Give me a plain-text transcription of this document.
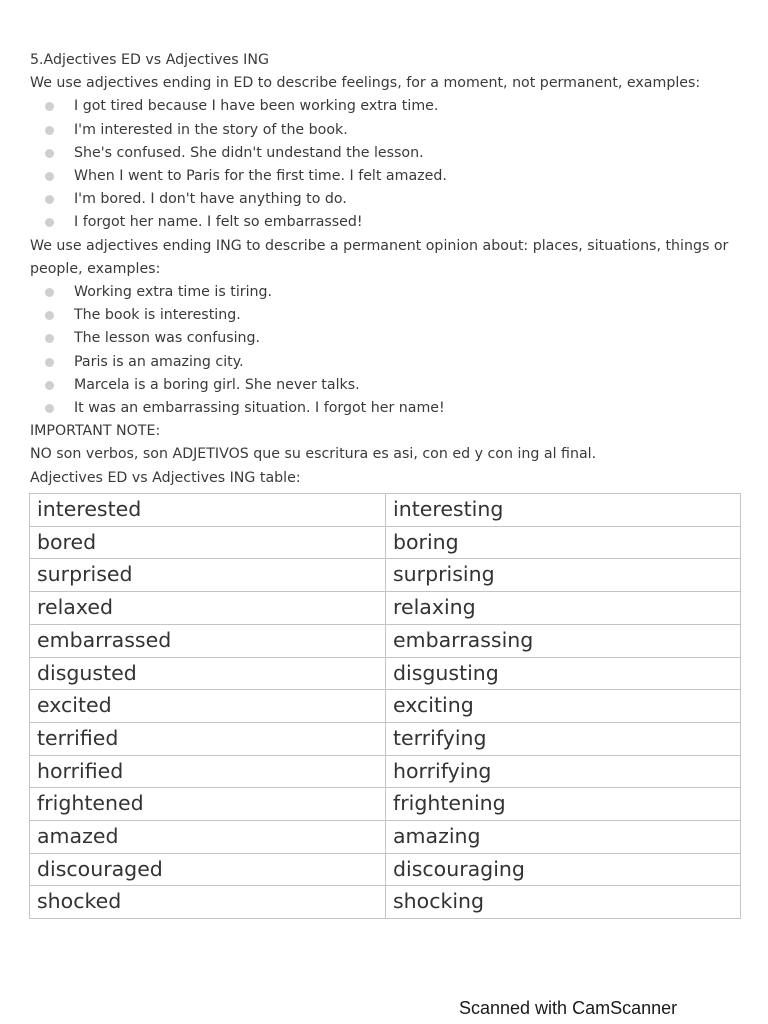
5.Adjectives ED vs Adjectives ING
We use adjectives ending in ED to describe feelings, for a moment, not permanent, examples:
I got tired because I have been working extra time.
I'm interested in the story of the book.
She's confused. She didn't undestand the lesson.
When I went to Paris for the first time. I felt amazed.
I'm bored. I don't have anything to do.
I forgot her name. I felt so embarrassed!
We use adjectives ending ING to describe a permanent opinion about: places, situations, things or people, examples:
Working extra time is tiring.
The book is interesting.
The lesson was confusing.
Paris is an amazing city.
Marcela is a boring girl. She never talks.
It was an embarrassing situation. I forgot her name!
IMPORTANT NOTE:
NO son verbos, son ADJETIVOS que su escritura es asi, con ed y con ing al final.
Adjectives ED vs Adjectives ING table:
interested	interesting
bored	boring
surprised	surprising
relaxed	relaxing
embarrassed	embarrassing
disgusted	disgusting
excited	exciting
terrified	terrifying
horrified	horrifying
frightened	frightening
amazed	amazing
discouraged	discouraging
shocked	shocking
Scanned with CamScanner
